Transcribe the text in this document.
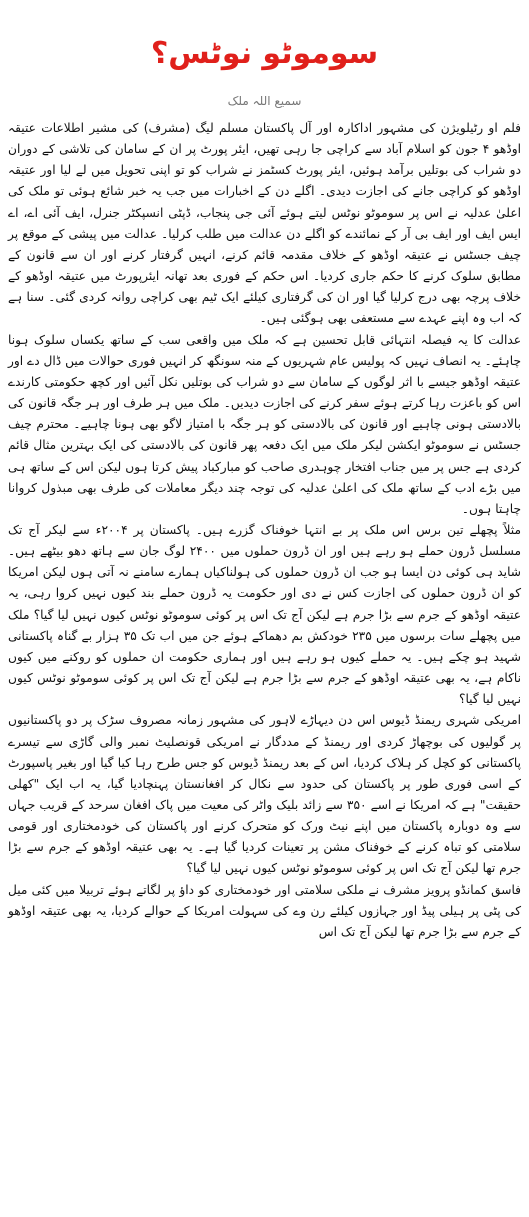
سوموٹو نوٹس؟
سمیع اللہ ملک

فلم او رٹیلویژن کی مشہور اداکارہ اور آل پاکستان مسلم لیگ (مشرف) کی مشیر اطلاعات عتیقہ اوڈھو ۴ جون کو اسلام آباد سے کراچی جا رہی تھیں، ایئر پورٹ پر ان کے سامان کی تلاشی کے دوران دو شراب کی بوتلیں برآمد ہوئیں، ایئر پورٹ کسٹمز نے شراب کو تو اپنی تحویل میں لے لیا اور عتیقہ اوڈھو کو کراچی جانے کی اجازت دیدی۔ اگلے دن کے اخبارات میں جب یہ خبر شائع ہوئی تو ملک کی اعلیٰ عدلیہ نے اس پر سوموٹو نوٹس لیتے ہوئے آئی جی پنجاب، ڈپٹی انسپکٹر جنرل، ایف آئی اے، اے ایس ایف اور ایف بی آر کے نمائندے کو اگلے دن عدالت میں طلب کرلیا۔ عدالت میں پیشی کے موقع پر چیف جسٹس نے عتیقہ اوڈھو کے خلاف مقدمہ قائم کرنے، انہیں گرفتار کرنے اور ان سے قانون کے مطابق سلوک کرنے کا حکم جاری کردیا۔ اس حکم کے فوری بعد تھانہ ایئرپورٹ میں عتیقہ اوڈھو کے خلاف پرچہ بھی درج کرلیا گیا اور ان کی گرفتاری کیلئے ایک ٹیم بھی کراچی روانہ کردی گئی۔ سنا ہے کہ اب وہ اپنے عہدے سے مستعفی بھی ہوگئی ہیں۔

عدالت کا یہ فیصلہ انتہائی قابل تحسین ہے کہ ملک میں واقعی سب کے ساتھ یکساں سلوک ہونا چاہئے۔ یہ انصاف نہیں کہ پولیس عام شہریوں کے منہ سونگھ کر انہیں فوری حوالات میں ڈال دے اور عتیقہ اوڈھو جیسے با اثر لوگوں کے سامان سے دو شراب کی بوتلیں نکل آئیں اور کچھ حکومتی کارندے اس کو باعزت رہا کرتے ہوئے سفر کرنے کی اجازت دیدیں۔ ملک میں ہر طرف اور ہر جگہ قانون کی بالادستی ہونی چاہیے اور قانون کی بالادستی کو ہر جگہ با امتیاز لاگو بھی ہونا چاہیے۔ محترم چیف جسٹس نے سوموٹو ایکشن لیکر ملک میں ایک دفعہ پھر قانون کی بالادستی کی ایک بہترین مثال قائم کردی ہے جس پر میں جناب افتخار چوہدری صاحب کو مبارکباد پیش کرتا ہوں لیکن اس کے ساتھ ہی میں بڑے ادب کے ساتھ ملک کی اعلیٰ عدلیہ کی توجہ چند دیگر معاملات کی طرف بھی مبذول کروانا چاہتا ہوں۔

مثلاً پچھلے تین برس اس ملک پر بے انتہا خوفناک گزرے ہیں۔ پاکستان پر ۲۰۰۴ء سے لیکر آج تک مسلسل ڈرون حملے ہو رہے ہیں اور ان ڈرون حملوں میں ۲۴۰۰ لوگ جان سے ہاتھ دھو بیٹھے ہیں۔ شاید ہی کوئی دن ایسا ہو جب ان ڈرون حملوں کی ہولناکیاں ہمارے سامنے نہ آتی ہوں لیکن امریکا کو ان ڈرون حملوں کی اجازت کس نے دی اور حکومت یہ ڈرون حملے بند کیوں نہیں کروا رہی، یہ عتیقہ اوڈھو کے جرم سے بڑا جرم ہے لیکن آج تک اس پر کوئی سوموٹو نوٹس کیوں نہیں لیا گیا؟ ملک میں پچھلے سات برسوں میں ۲۳۵ خودکش بم دھماکے ہوئے جن میں اب تک ۳۵ ہزار بے گناہ پاکستانی شہید ہو چکے ہیں۔ یہ حملے کیوں ہو رہے ہیں اور ہماری حکومت ان حملوں کو روکنے میں کیوں ناکام ہے، یہ بھی عتیقہ اوڈھو کے جرم سے بڑا جرم ہے لیکن آج تک اس پر کوئی سوموٹو نوٹس کیوں نہیں لیا گیا؟

امریکی شہری ریمنڈ ڈیوس اس دن دیہاڑے لاہور کی مشہور زمانہ مصروف سڑک پر دو پاکستانیوں پر گولیوں کی بوچھاڑ کردی اور ریمنڈ کے مددگار نے امریکی قونصلیٹ نمبر والی گاڑی سے تیسرے پاکستانی کو کچل کر ہلاک کردیا، اس کے بعد ریمنڈ ڈیوس کو جس طرح رہا کیا گیا اور بغیر پاسپورٹ کے اسی فوری طور پر پاکستان کی حدود سے نکال کر افغانستان پہنچادیا گیا، یہ اب ایک "کھلی حقیقت" ہے کہ امریکا نے اسے ۳۵۰ سے زائد بلیک واٹر کی معیت میں پاک افغان سرحد کے قریب جہاں سے وہ دوبارہ پاکستان میں اپنے نیٹ ورک کو متحرک کرنے اور پاکستان کی خودمختاری اور قومی سلامتی کو تباہ کرنے کے خوفناک مشن پر تعینات کردیا گیا ہے۔ یہ بھی عتیقہ اوڈھو کے جرم سے بڑا جرم تھا لیکن آج تک اس پر کوئی سوموٹو نوٹس کیوں نہیں لیا گیا؟

فاسق کمانڈو پرویز مشرف نے ملکی سلامتی اور خودمختاری کو داؤ پر لگاتے ہوئے تربیلا میں کئی میل کی پٹی پر ہیلی پیڈ اور جہازوں کیلئے رن وے کی سہولت امریکا کے حوالے کردیا، یہ بھی عتیقہ اوڈھو کے جرم سے بڑا جرم تھا لیکن آج تک اس
